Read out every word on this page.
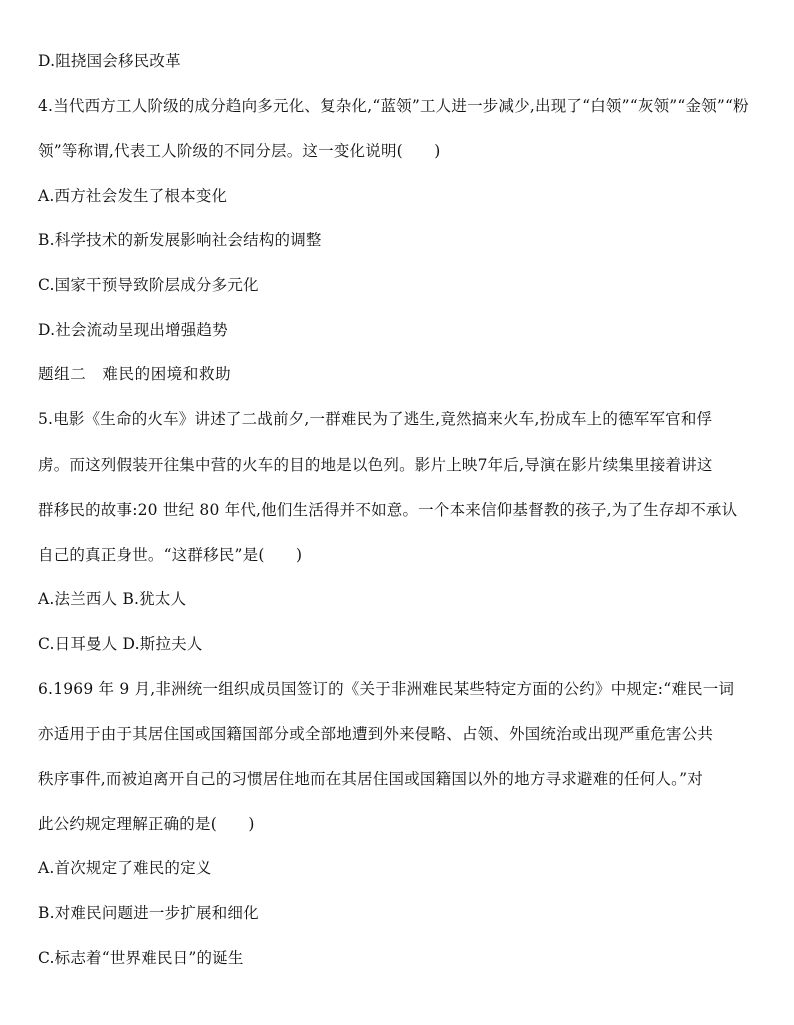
D.阻挠国会移民改革
4.当代西方工人阶级的成分趋向多元化、复杂化,“蓝领”工人进一步减少,出现了“白领”“灰领”“金领”“粉
领”等称谓,代表工人阶级的不同分层。这一变化说明(　　)
A.西方社会发生了根本变化
B.科学技术的新发展影响社会结构的调整
C.国家干预导致阶层成分多元化
D.社会流动呈现出增强趋势
题组二　难民的困境和救助
5.电影《生命的火车》讲述了二战前夕,一群难民为了逃生,竟然搞来火车,扮成车上的德军军官和俘
虏。而这列假装开往集中营的火车的目的地是以色列。影片上映7年后,导演在影片续集里接着讲这
群移民的故事:20 世纪 80 年代,他们生活得并不如意。一个本来信仰基督教的孩子,为了生存却不承认
自己的真正身世。“这群移民”是(　　)
A.法兰西人 B.犹太人
C.日耳曼人 D.斯拉夫人
6.1969 年 9 月,非洲统一组织成员国签订的《关于非洲难民某些特定方面的公约》中规定:“难民一词
亦适用于由于其居住国或国籍国部分或全部地遭到外来侵略、占领、外国统治或出现严重危害公共
秩序事件,而被迫离开自己的习惯居住地而在其居住国或国籍国以外的地方寻求避难的任何人。”对
此公约规定理解正确的是(　　)
A.首次规定了难民的定义
B.对难民问题进一步扩展和细化
C.标志着“世界难民日”的诞生
